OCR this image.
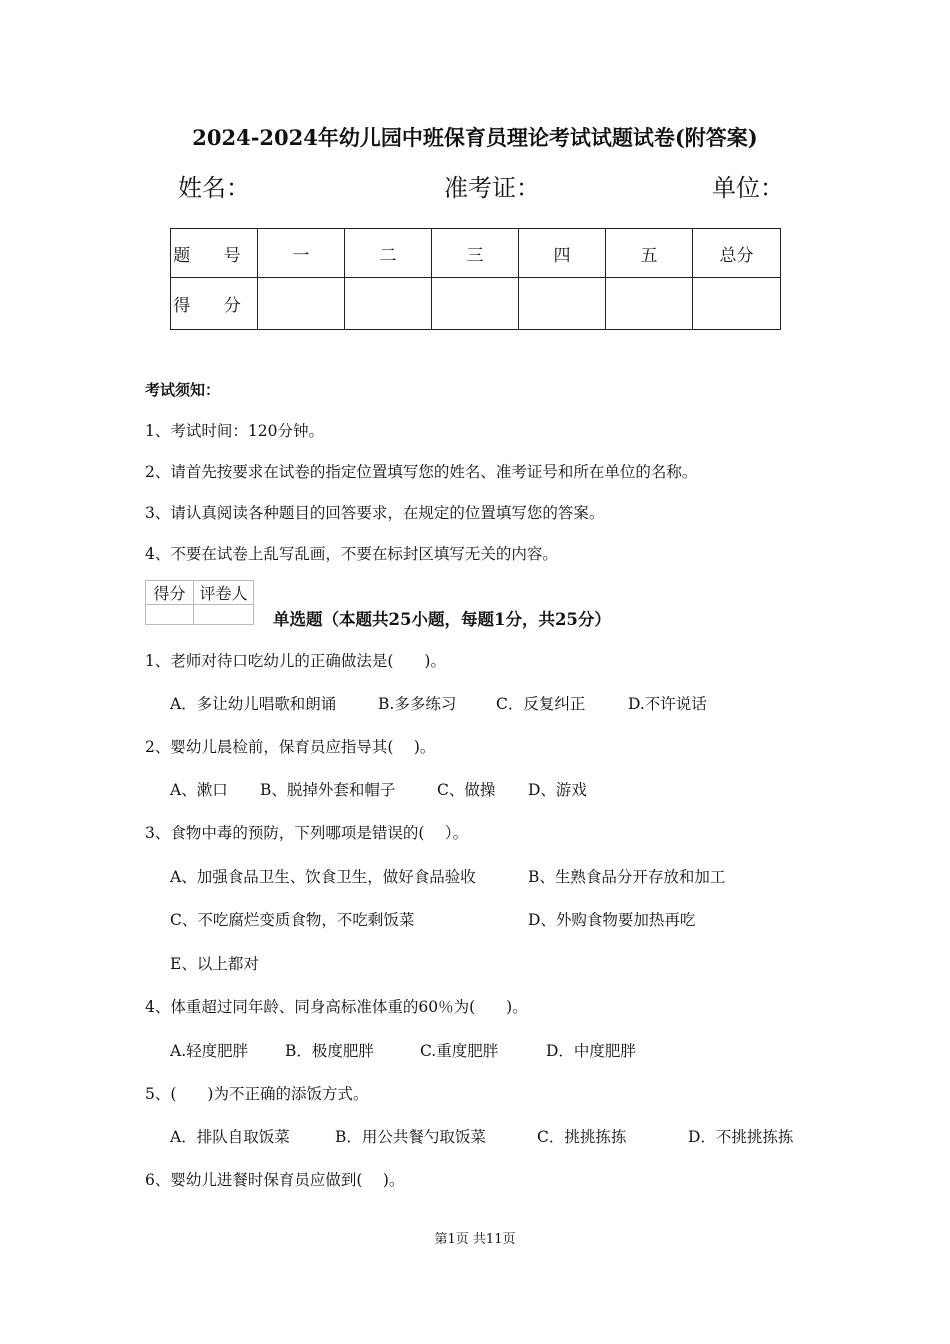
2024-2024年幼儿园中班保育员理论考试试题试卷(附答案)
姓名：	准考证：	单位：
题 号	一	二	三	四	五	总分
得 分						
考试须知：
1、考试时间：120分钟。
2、请首先按要求在试卷的指定位置填写您的姓名、准考证号和所在单位的名称。
3、请认真阅读各种题目的回答要求，在规定的位置填写您的答案。
4、不要在试卷上乱写乱画，不要在标封区填写无关的内容。
得分	评卷人

单选题（本题共25小题，每题1分，共25分）
1、老师对待口吃幼儿的正确做法是(　　)。
A．多让幼儿唱歌和朗诵	B.多多练习	C．反复纠正	D.不许说话
2、婴幼儿晨检前，保育员应指导其(　 )。
A、漱口 B、脱掉外套和帽子	C、做操 D、游戏
3、食物中毒的预防，下列哪项是错误的(　 ）。
A、加强食品卫生、饮食卫生，做好食品验收	B、生熟食品分开存放和加工
C、不吃腐烂变质食物，不吃剩饭菜	D、外购食物要加热再吃
E、以上都对
4、体重超过同年龄、同身高标准体重的60％为(　　)。
A.轻度肥胖 B．极度肥胖	C.重度肥胖	D．中度肥胖
5、(　　)为不正确的添饭方式。
A．排队自取饭菜	B．用公共餐勺取饭菜	C．挑挑拣拣	D．不挑挑拣拣
6、婴幼儿进餐时保育员应做到(　 )。
第1页 共11页
